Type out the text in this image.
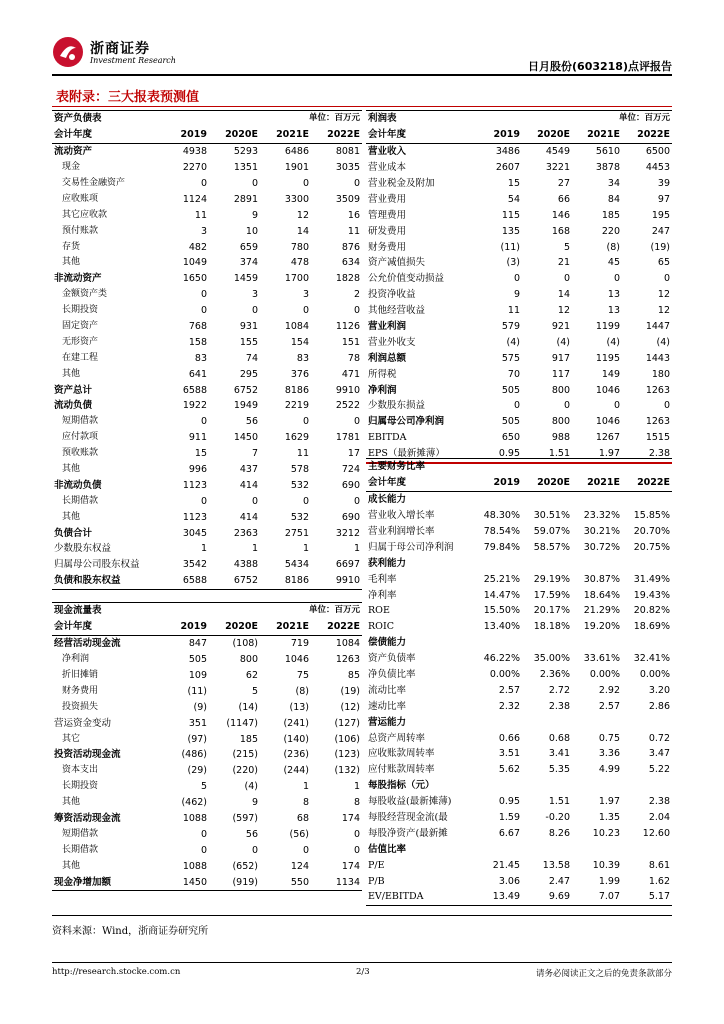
浙商证券
Investment Research	日月股份(603218)点评报告
表附录：三大报表预测值
资产负债表	单位：百万元			
会计年度	2019	2020E	2021E	2022E
流动资产	4938	5293	6486	8081
现金	2270	1351	1901	3035
交易性金融资产	0	0	0	0
应收账项	1124	2891	3300	3509
其它应收款	11	9	12	16
预付账款	3	10	14	11
存货	482	659	780	876
其他	1049	374	478	634
非流动资产	1650	1459	1700	1828
金额资产类	0	3	3	2
长期投资	0	0	0	0
固定资产	768	931	1084	1126
无形资产	158	155	154	151
在建工程	83	74	83	78
其他	641	295	376	471
资产总计	6588	6752	8186	9910
流动负债	1922	1949	2219	2522
短期借款	0	56	0	0
应付款项	911	1450	1629	1781
预收账款	15	7	11	17
其他	996	437	578	724
非流动负债	1123	414	532	690
长期借款	0	0	0	0
其他	1123	414	532	690
负债合计	3045	2363	2751	3212
少数股东权益	1	1	1	1
归属母公司股东权益	3542	4388	5434	6697
负债和股东权益	6588	6752	8186	9910
利润表	单位：百万元			
会计年度	2019	2020E	2021E	2022E
营业收入	3486	4549	5610	6500
营业成本	2607	3221	3878	4453
营业税金及附加	15	27	34	39
营业费用	54	66	84	97
管理费用	115	146	185	195
研发费用	135	168	220	247
财务费用	(11)	5	(8)	(19)
资产减值损失	(3)	21	45	65
公允价值变动损益	0	0	0	0
投资净收益	9	14	13	12
其他经营收益	11	12	13	12
营业利润	579	921	1199	1447
营业外收支	(4)	(4)	(4)	(4)
利润总额	575	917	1195	1443
所得税	70	117	149	180
净利润	505	800	1046	1263
少数股东损益	0	0	0	0
归属母公司净利润	505	800	1046	1263
EBITDA	650	988	1267	1515
EPS（最新摊薄）	0.95	1.51	1.97	2.38
主要财务比率				
会计年度	2019	2020E	2021E	2022E
成长能力				
营业收入增长率	48.30%	30.51%	23.32%	15.85%
营业利润增长率	78.54%	59.07%	30.21%	20.70%
归属于母公司净利润	79.84%	58.57%	30.72%	20.75%
获利能力				
毛利率	25.21%	29.19%	30.87%	31.49%
净利率	14.47%	17.59%	18.64%	19.43%
ROE	15.50%	20.17%	21.29%	20.82%
ROIC	13.40%	18.18%	19.20%	18.69%
偿债能力				
资产负债率	46.22%	35.00%	33.61%	32.41%
净负债比率	0.00%	2.36%	0.00%	0.00%
流动比率	2.57	2.72	2.92	3.20
速动比率	2.32	2.38	2.57	2.86
营运能力				
总资产周转率	0.66	0.68	0.75	0.72
应收账款周转率	3.51	3.41	3.36	3.47
应付账款周转率	5.62	5.35	4.99	5.22
每股指标（元）				
每股收益(最新摊薄)	0.95	1.51	1.97	2.38
每股经营现金流(最	1.59	-0.20	1.35	2.04
每股净资产(最新摊	6.67	8.26	10.23	12.60
估值比率				
P/E	21.45	13.58	10.39	8.61
P/B	3.06	2.47	1.99	1.62
EV/EBITDA	13.49	9.69	7.07	5.17
现金流量表	单位：百万元			
会计年度	2019	2020E	2021E	2022E
经营活动现金流	847	(108)	719	1084
净利润	505	800	1046	1263
折旧摊销	109	62	75	85
财务费用	(11)	5	(8)	(19)
投资损失	(9)	(14)	(13)	(12)
营运资金变动	351	(1147)	(241)	(127)
其它	(97)	185	(140)	(106)
投资活动现金流	(486)	(215)	(236)	(123)
资本支出	(29)	(220)	(244)	(132)
长期投资	5	(4)	1	1
其他	(462)	9	8	8
筹资活动现金流	1088	(597)	68	174
短期借款	0	56	(56)	0
长期借款	0	0	0	0
其他	1088	(652)	124	174
现金净增加额	1450	(919)	550	1134
资料来源：Wind，浙商证券研究所
http://research.stocke.com.cn	2/3	请务必阅读正文之后的免责条款部分
